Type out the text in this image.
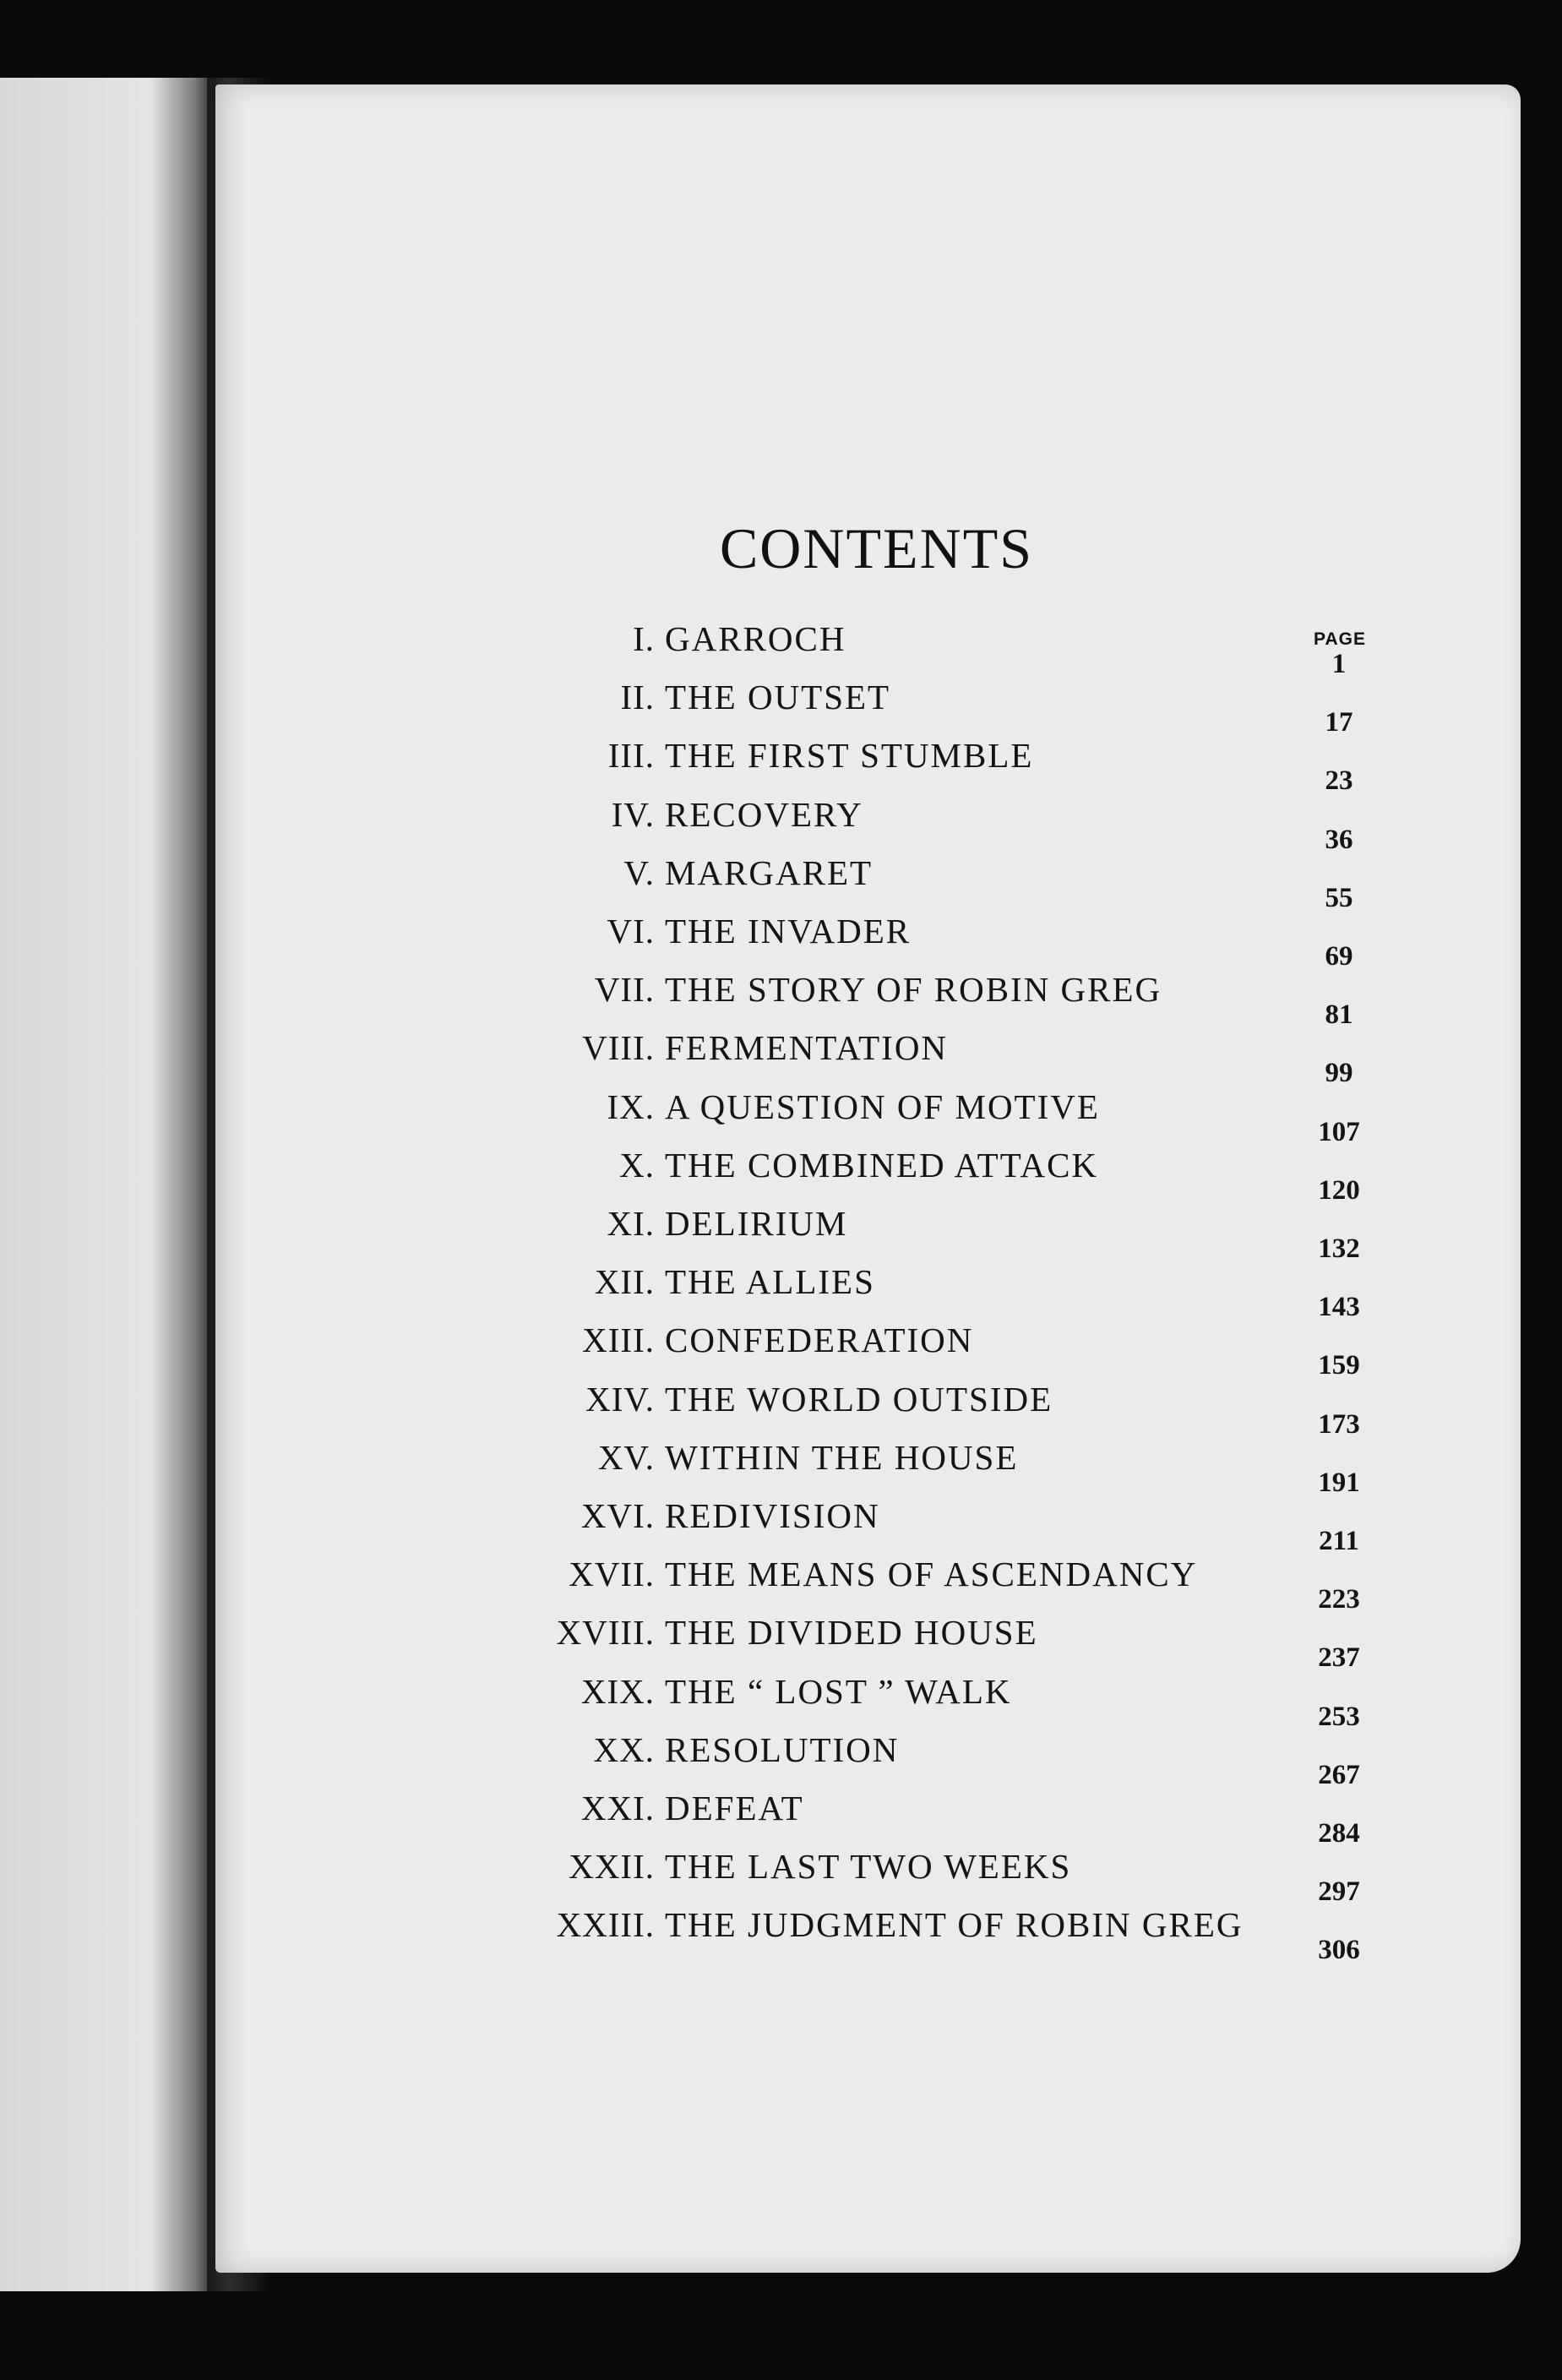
CONTENTS
PAGE
I. GARROCH
1
II. THE OUTSET
17
III. THE FIRST STUMBLE
23
IV. RECOVERY
36
V. MARGARET
55
VI. THE INVADER
69
VII. THE STORY OF ROBIN GREG
81
VIII. FERMENTATION
99
IX. A QUESTION OF MOTIVE
107
X. THE COMBINED ATTACK
120
XI. DELIRIUM
132
XII. THE ALLIES
143
XIII. CONFEDERATION
159
XIV. THE WORLD OUTSIDE
173
XV. WITHIN THE HOUSE
191
XVI. REDIVISION
211
XVII. THE MEANS OF ASCENDANCY
223
XVIII. THE DIVIDED HOUSE
237
XIX. THE “ LOST ” WALK
253
XX. RESOLUTION
267
XXI. DEFEAT
284
XXII. THE LAST TWO WEEKS
297
XXIII. THE JUDGMENT OF ROBIN GREG
306
